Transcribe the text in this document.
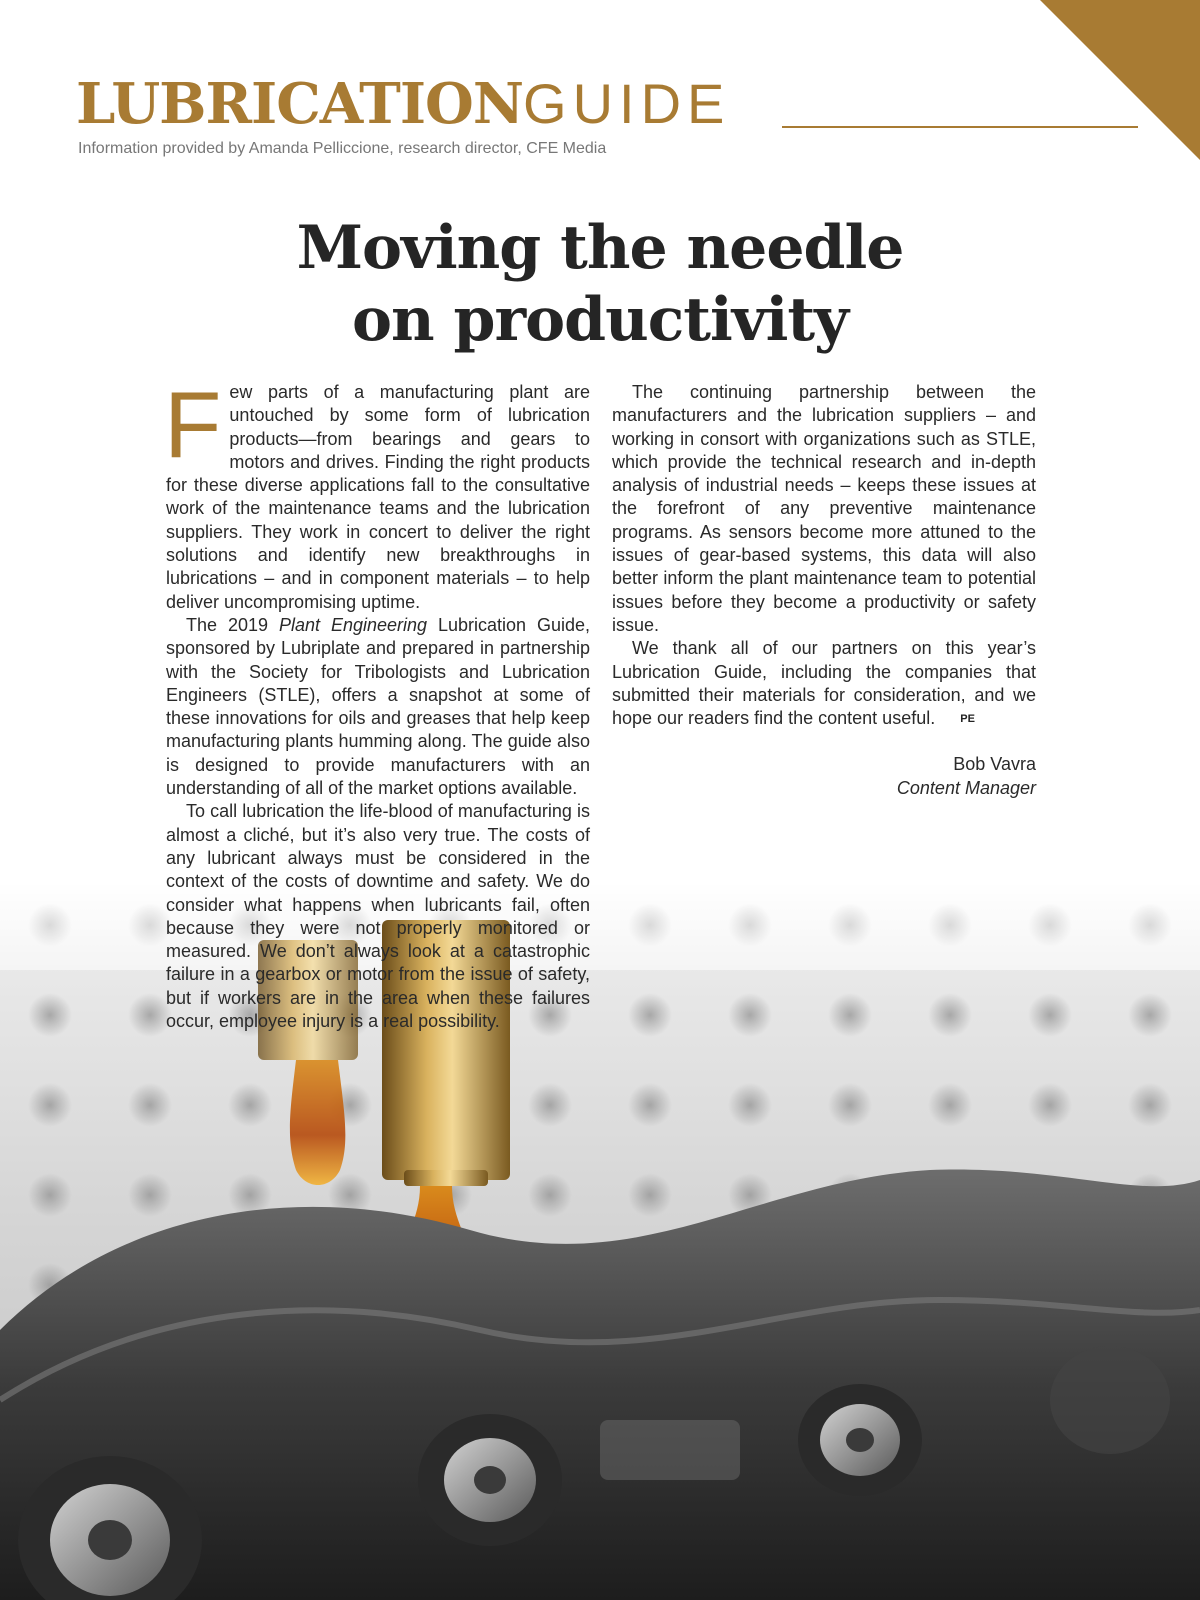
LUBRICATION GUIDE
Information provided by Amanda Pelliccione, research director, CFE Media
Moving the needle
on productivity

Few parts of a manufacturing plant are untouched by some form of lubrication products—from bearings and gears to motors and drives. Finding the right products for these diverse applications fall to the consultative work of the maintenance teams and the lubrication suppliers. They work in concert to deliver the right solutions and identify new breakthroughs in lubrications – and in component materials – to help deliver uncompromising uptime.

The 2019 Plant Engineering Lubrication Guide, sponsored by Lubriplate and prepared in partnership with the Society for Tribologists and Lubrication Engineers (STLE), offers a snapshot at some of these innovations for oils and greases that help keep manufacturing plants humming along. The guide also is designed to provide manufacturers with an understanding of all of the market options available.

To call lubrication the life-blood of manufacturing is almost a cliché, but it’s also very true. The costs of any lubricant always must be considered in the context of the costs of downtime and safety. We do consider what happens when lubricants fail, often because they were not properly monitored or measured. We don’t always look at a catastrophic failure in a gearbox or motor from the issue of safety, but if workers are in the area when these failures occur, employee injury is a real possibility.

The continuing partnership between the manufacturers and the lubrication suppliers – and working in consort with organizations such as STLE, which provide the technical research and in-depth analysis of industrial needs – keeps these issues at the forefront of any preventive maintenance programs. As sensors become more attuned to the issues of gear-based systems, this data will also better inform the plant maintenance team to potential issues before they become a productivity or safety issue.

We thank all of our partners on this year’s Lubrication Guide, including the companies that submitted their materials for consideration, and we hope our readers find the content useful. PE

Bob Vavra
Content Manager
